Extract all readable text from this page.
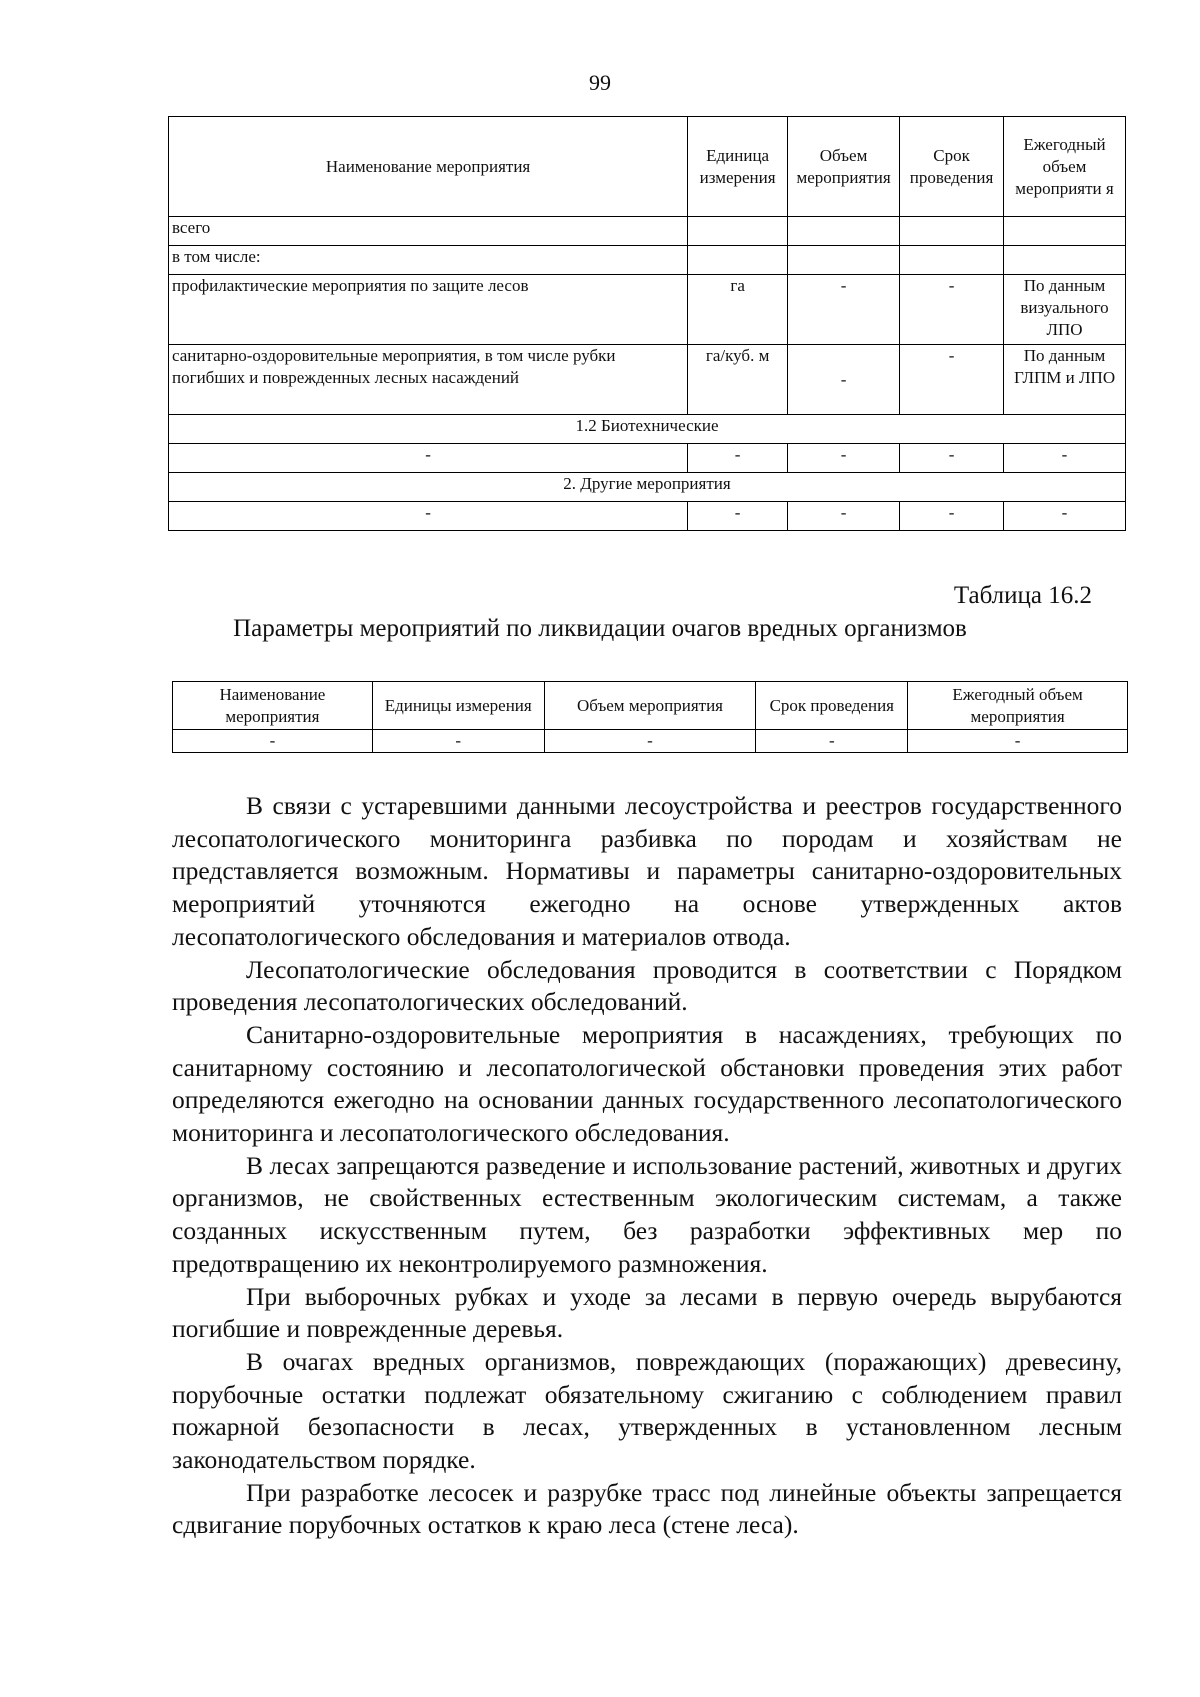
99
Наименование мероприятия	Единица измерения	Объем мероприятия	Срок проведения	Ежегодный объем мероприяти я
всего				
в том числе:				
профилактические мероприятия по защите лесов	га	-	-	По данным визуального ЛПО
санитарно-оздоровительные мероприятия, в том числе рубки погибших и поврежденных лесных насаждений	га/куб. м	-	-	По данным ГЛПМ и ЛПО
1.2 Биотехнические				
-	-	-	-	-
2. Другие мероприятия				
-	-	-	-	-
Таблица 16.2
Параметры мероприятий по ликвидации очагов вредных организмов
Наименование мероприятия	Единицы измерения	Объем мероприятия	Срок проведения	Ежегодный объем мероприятия
-	-	-	-	-

В связи с устаревшими данными лесоустройства и реестров государственного лесопатологического мониторинга разбивка по породам и хозяйствам не представляется возможным. Нормативы и параметры санитарно-оздоровительных мероприятий уточняются ежегодно на основе утвержденных актов лесопатологического обследования и материалов отвода.

Лесопатологические обследования проводится в соответствии с Порядком проведения лесопатологических обследований.

Санитарно-оздоровительные мероприятия в насаждениях, требующих по санитарному состоянию и лесопатологической обстановки проведения этих работ определяются ежегодно на основании данных государственного лесопатологического мониторинга и лесопатологического обследования.

В лесах запрещаются разведение и использование растений, животных и других организмов, не свойственных естественным экологическим системам, а также созданных искусственным путем, без разработки эффективных мер по предотвращению их неконтролируемого размножения.

При выборочных рубках и уходе за лесами в первую очередь вырубаются погибшие и поврежденные деревья.

В очагах вредных организмов, повреждающих (поражающих) древесину, порубочные остатки подлежат обязательному сжиганию с соблюдением правил пожарной безопасности в лесах, утвержденных в установленном лесным законодательством порядке.

При разработке лесосек и разрубке трасс под линейные объекты запрещается сдвигание порубочных остатков к краю леса (стене леса).
